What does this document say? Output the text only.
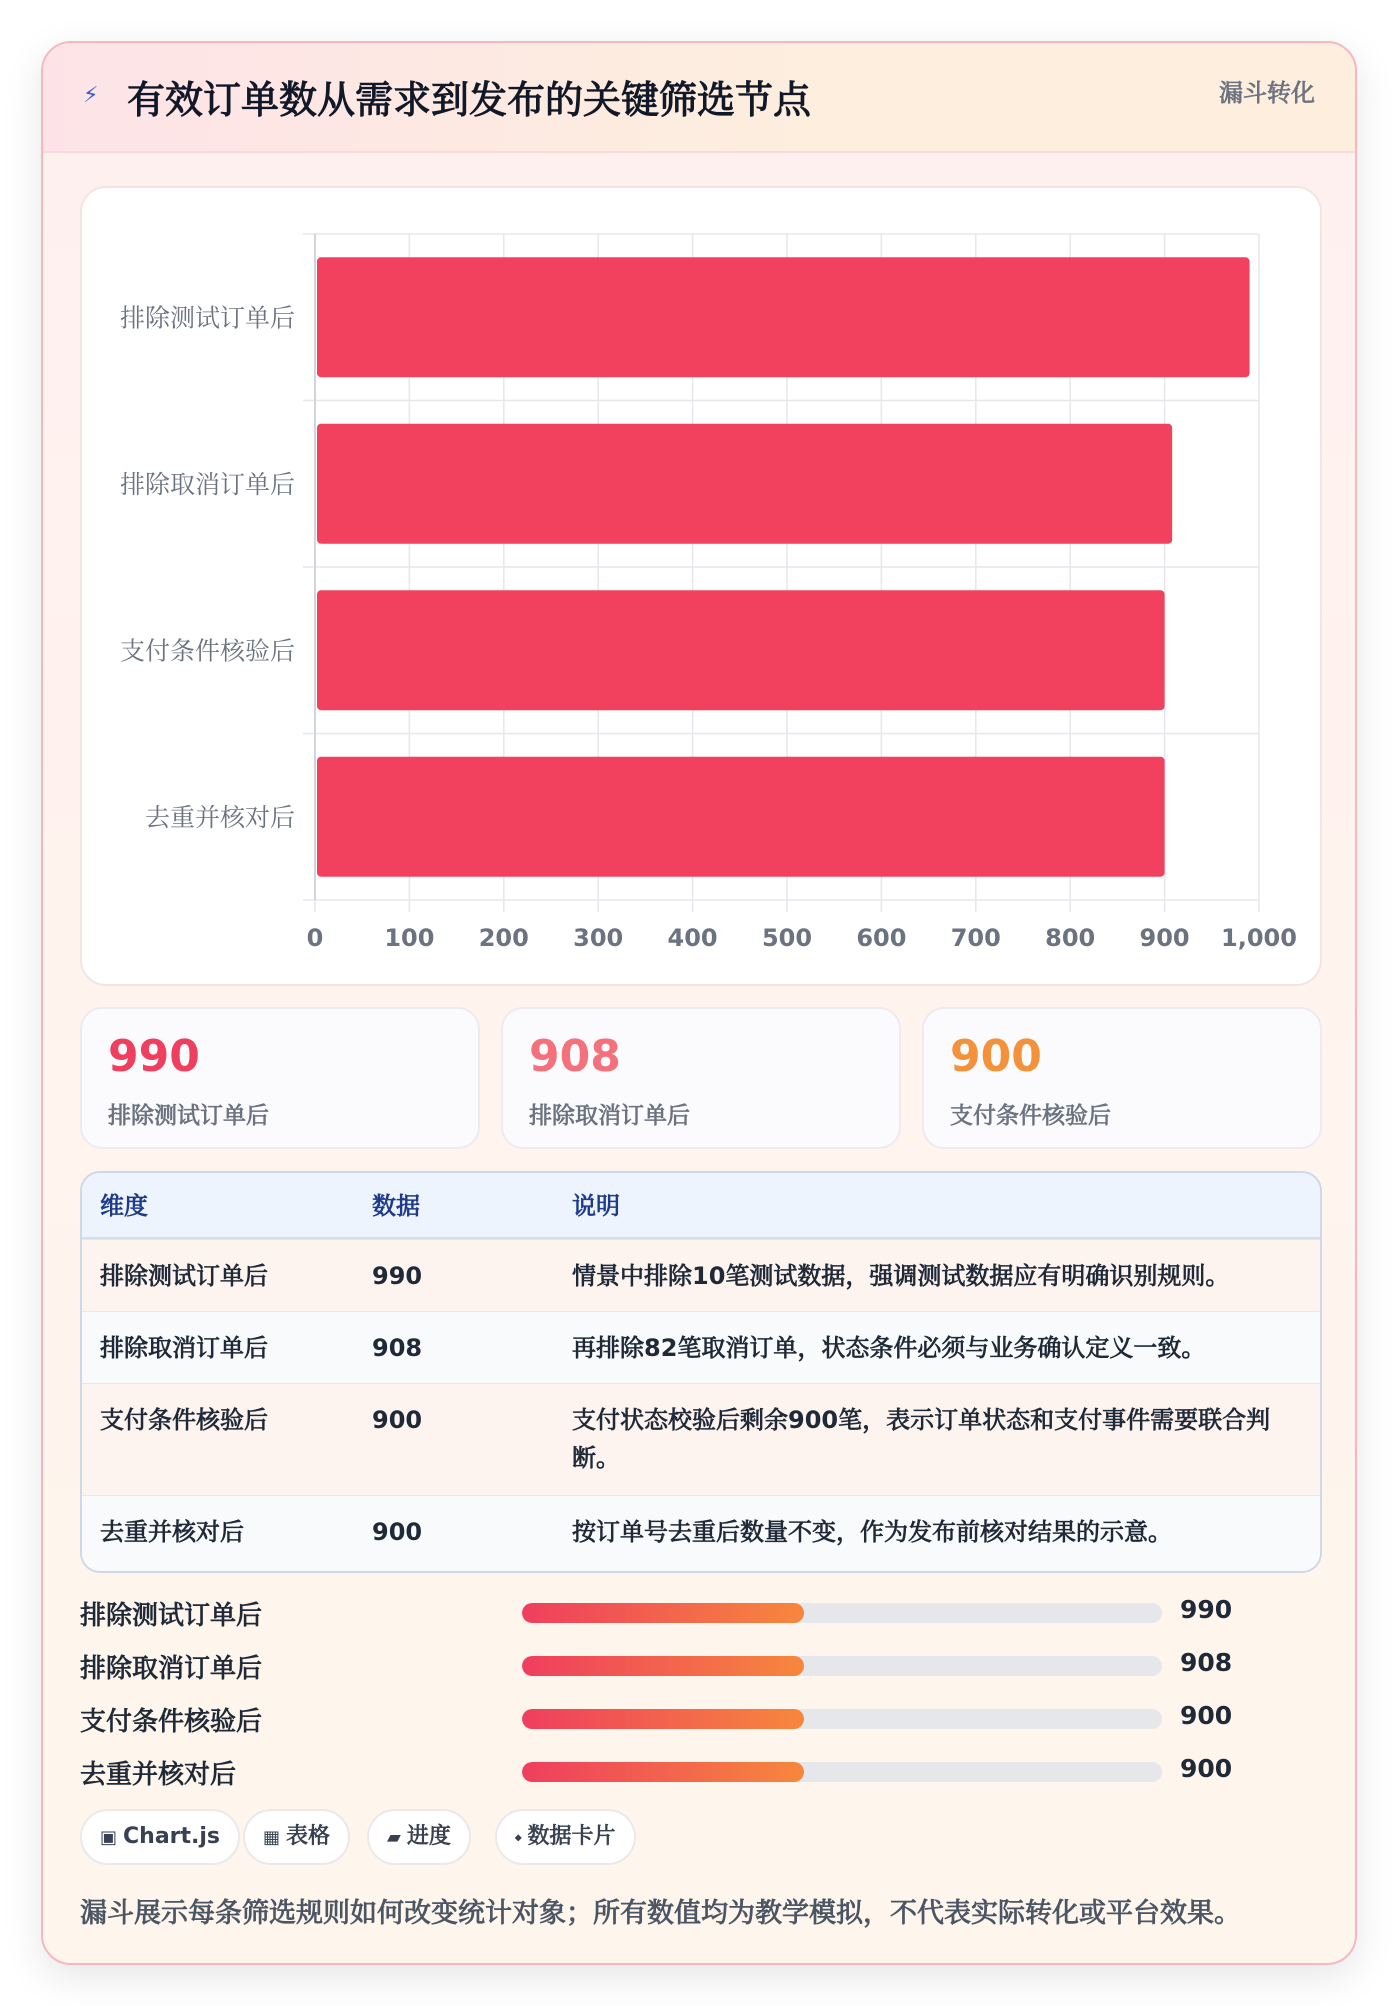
⚡ 有效订单数从需求到发布的关键筛选节点	漏斗转化
0	100 200 300 400 500 600 700 800 900 1,000
排除测试订单后
排除取消订单后
支付条件核验后
去重并核对后
990
排除测试订单后
908
排除取消订单后
900
支付条件核验后
维度	数据	说明
排除测试订单后	990	情景中排除10笔测试数据，强调测试数据应有明确识别规则。
排除取消订单后	908	再排除82笔取消订单，状态条件必须与业务确认定义一致。
支付条件核验后	900	支付状态校验后剩余900笔，表示订单状态和支付事件需要联合判断。
去重并核对后	900	按订单号去重后数量不变，作为发布前核对结果的示意。
排除测试订单后	990
排除取消订单后	908
支付条件核验后	900
去重并核对后	900
▣ Chart.js	▦ 表格	▰ 进度	⬩ 数据卡片
漏斗展示每条筛选规则如何改变统计对象；所有数值均为教学模拟，不代表实际转化或平台效果。
